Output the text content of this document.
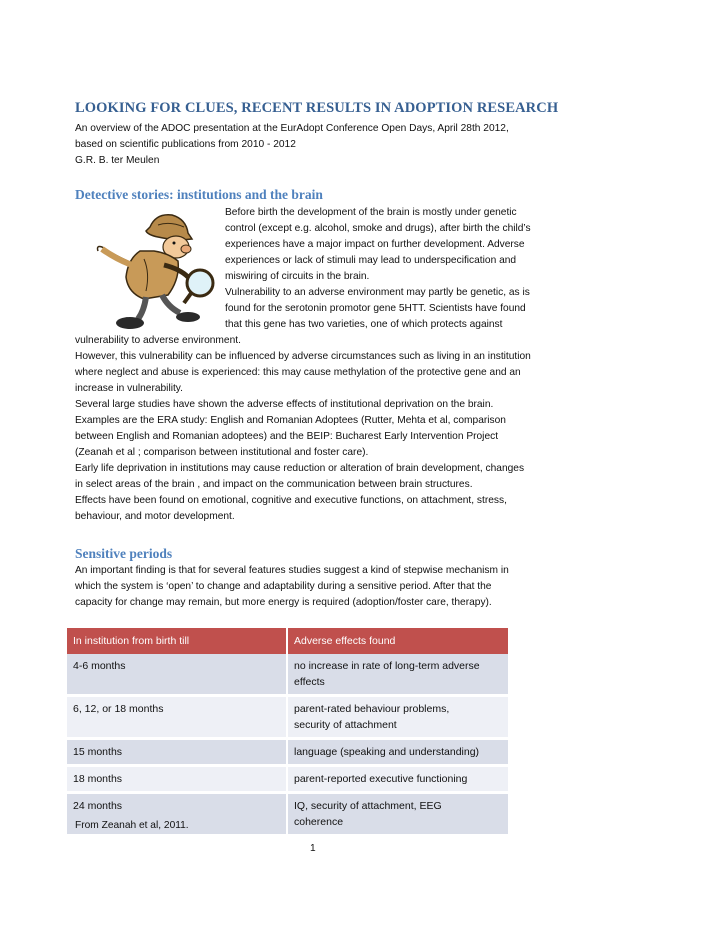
LOOKING FOR CLUES, RECENT RESULTS IN ADOPTION RESEARCH
An overview of the ADOC presentation at the EurAdopt Conference Open Days, April 28th 2012,
based on scientific publications from 2010 - 2012
G.R. B. ter Meulen
Detective stories: institutions and the brain
Before birth the development of the brain is mostly under genetic
control (except e.g. alcohol, smoke and drugs), after birth the child’s
experiences have a major impact on further development. Adverse
experiences or lack of stimuli may lead to underspecification and
miswiring of circuits in the brain.
Vulnerability to an adverse environment may partly be genetic, as is
found for the serotonin promotor gene 5HTT. Scientists have found
that this gene has two varieties, one of which protects against
vulnerability to adverse environment.
However, this vulnerability can be influenced by adverse circumstances such as living in an institution
where neglect and abuse is experienced: this may cause methylation of the protective gene and an
increase in vulnerability.
Several large studies have shown the adverse effects of institutional deprivation on the brain.
Examples are the ERA study: English and Romanian Adoptees (Rutter, Mehta et al, comparison
between English and Romanian adoptees) and the BEIP: Bucharest Early Intervention Project
(Zeanah et al ; comparison between institutional and foster care).
Early life deprivation in institutions may cause reduction or alteration of brain development, changes
in select areas of the brain , and impact on the communication between brain structures.
Effects have been found on emotional, cognitive and executive functions, on attachment, stress,
behaviour, and motor development.
Sensitive periods
An important finding is that for several features studies suggest a kind of stepwise mechanism in
which the system is ‘open’ to change and adaptability during a sensitive period. After that the
capacity for change may remain, but more energy is required (adoption/foster care, therapy).
In institution from birth till	Adverse effects found
4-6 months	no increase in rate of long-term adverse
effects
6, 12, or 18 months	parent-rated behaviour problems,
security of attachment
15 months	language (speaking and understanding)
18 months	parent-reported executive functioning
24 months	IQ, security of attachment, EEG
coherence
From Zeanah et al, 2011.
1
